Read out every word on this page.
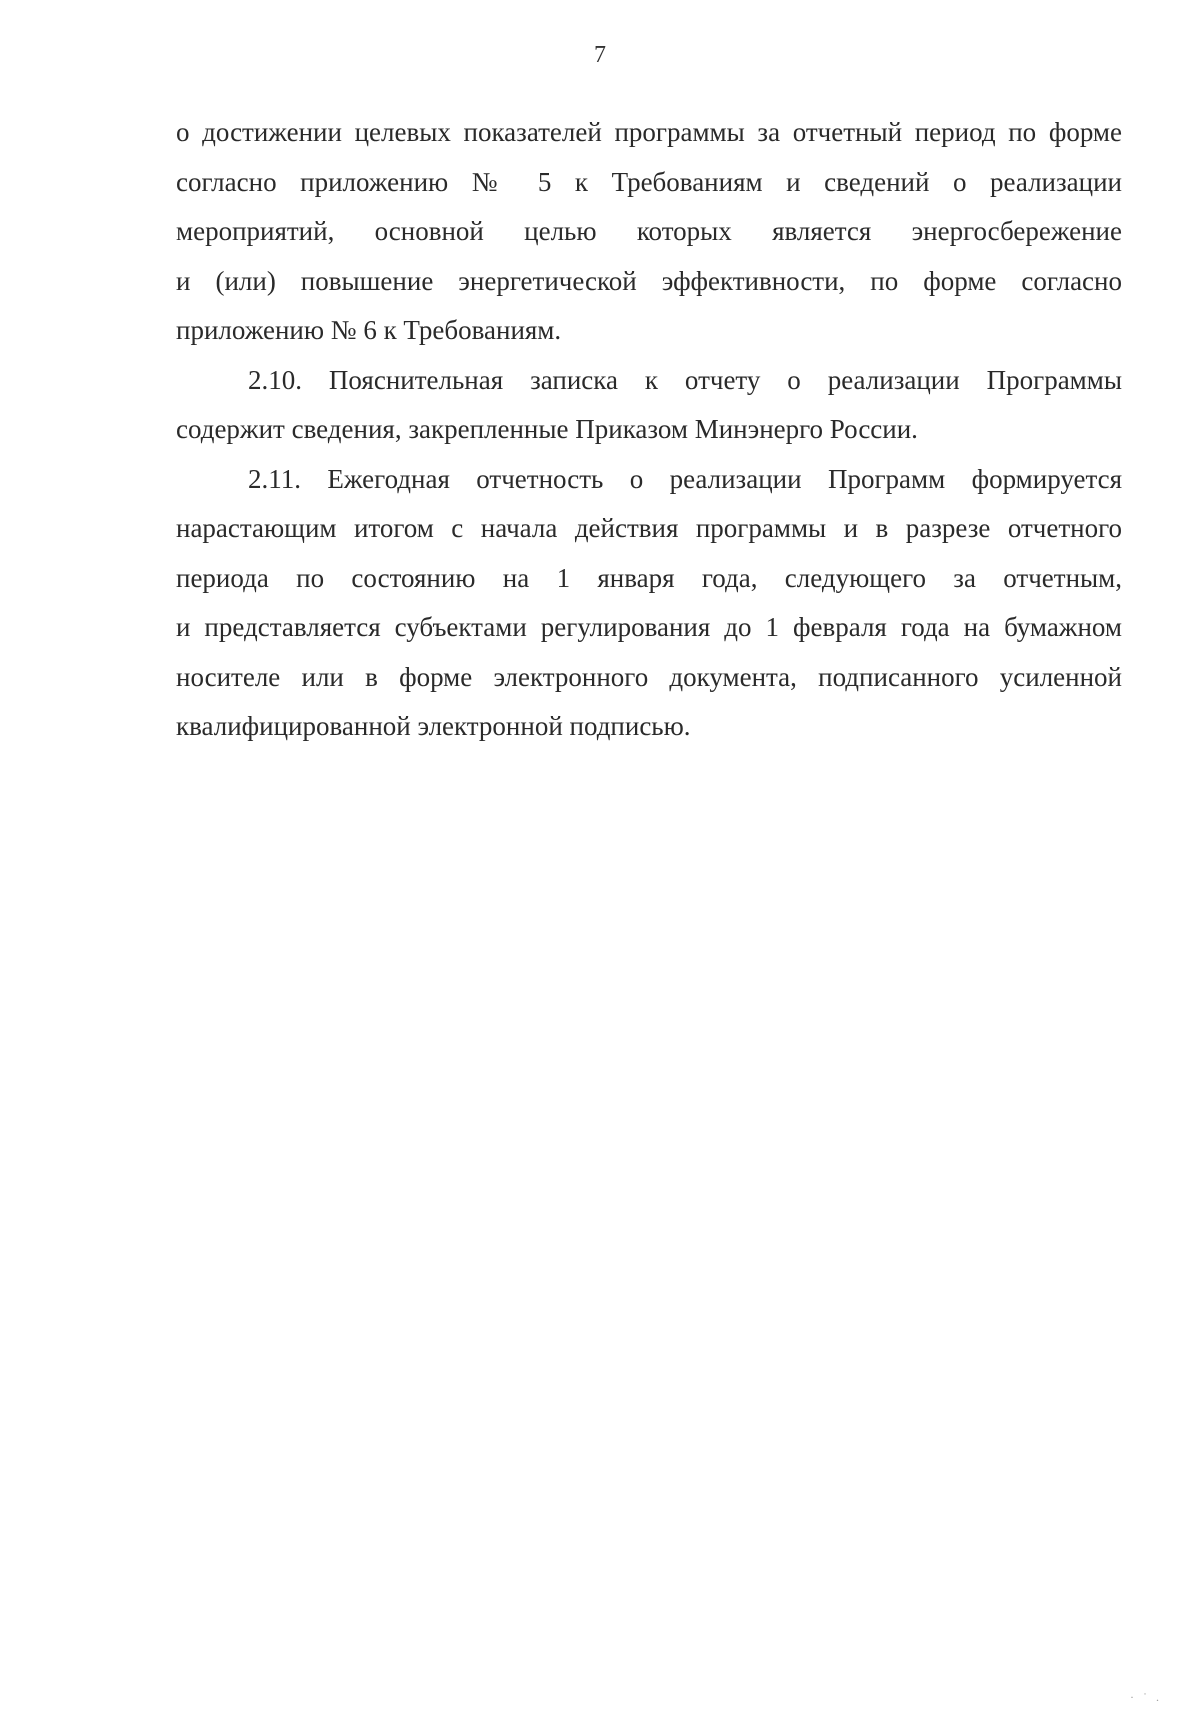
7

о достижении целевых показателей программы за отчетный период по форме
согласно приложению № 5 к Требованиям и сведений о реализации
мероприятий, основной целью которых является энергосбережение
и (или) повышение энергетической эффективности, по форме согласно
приложению № 6 к Требованиям.

2.10. Пояснительная записка к отчету о реализации Программы
содержит сведения, закрепленные Приказом Минэнерго России.

2.11. Ежегодная отчетность о реализации Программ формируется
нарастающим итогом с начала действия программы и в разрезе отчетного
периода по состоянию на 1 января года, следующего за отчетным,
и представляется субъектами регулирования до 1 февраля года на бумажном
носителе или в форме электронного документа, подписанного усиленной
квалифицированной электронной подписью.

· ˙ .
